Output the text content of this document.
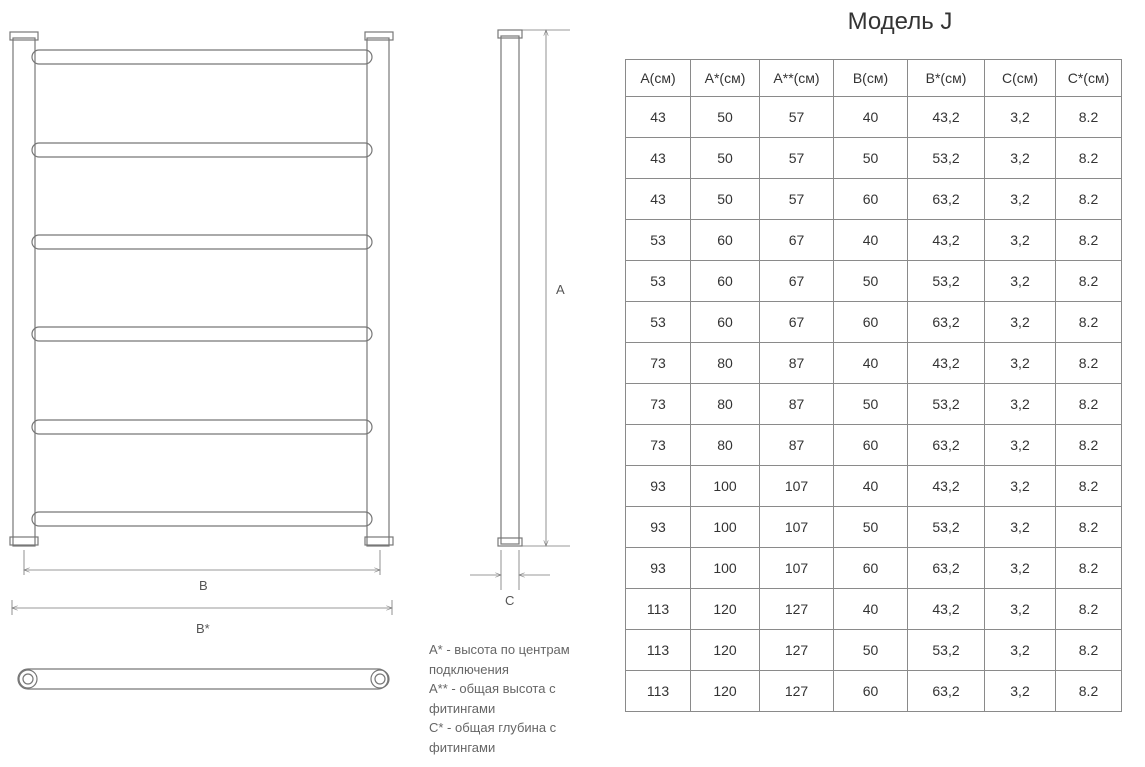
B
B*
A
C
Модель J
A(см)	A*(см)	A**(см)	B(см)	B*(см)	C(см)	C*(см)
43	50	57	40	43,2	3,2	8.2
43	50	57	50	53,2	3,2	8.2
43	50	57	60	63,2	3,2	8.2
53	60	67	40	43,2	3,2	8.2
53	60	67	50	53,2	3,2	8.2
53	60	67	60	63,2	3,2	8.2
73	80	87	40	43,2	3,2	8.2
73	80	87	50	53,2	3,2	8.2
73	80	87	60	63,2	3,2	8.2
93	100	107	40	43,2	3,2	8.2
93	100	107	50	53,2	3,2	8.2
93	100	107	60	63,2	3,2	8.2
113	120	127	40	43,2	3,2	8.2
113	120	127	50	53,2	3,2	8.2
113	120	127	60	63,2	3,2	8.2
A* - высота по центрам подключения
A** - общая высота с фитингами
C* - общая глубина с фитингами
